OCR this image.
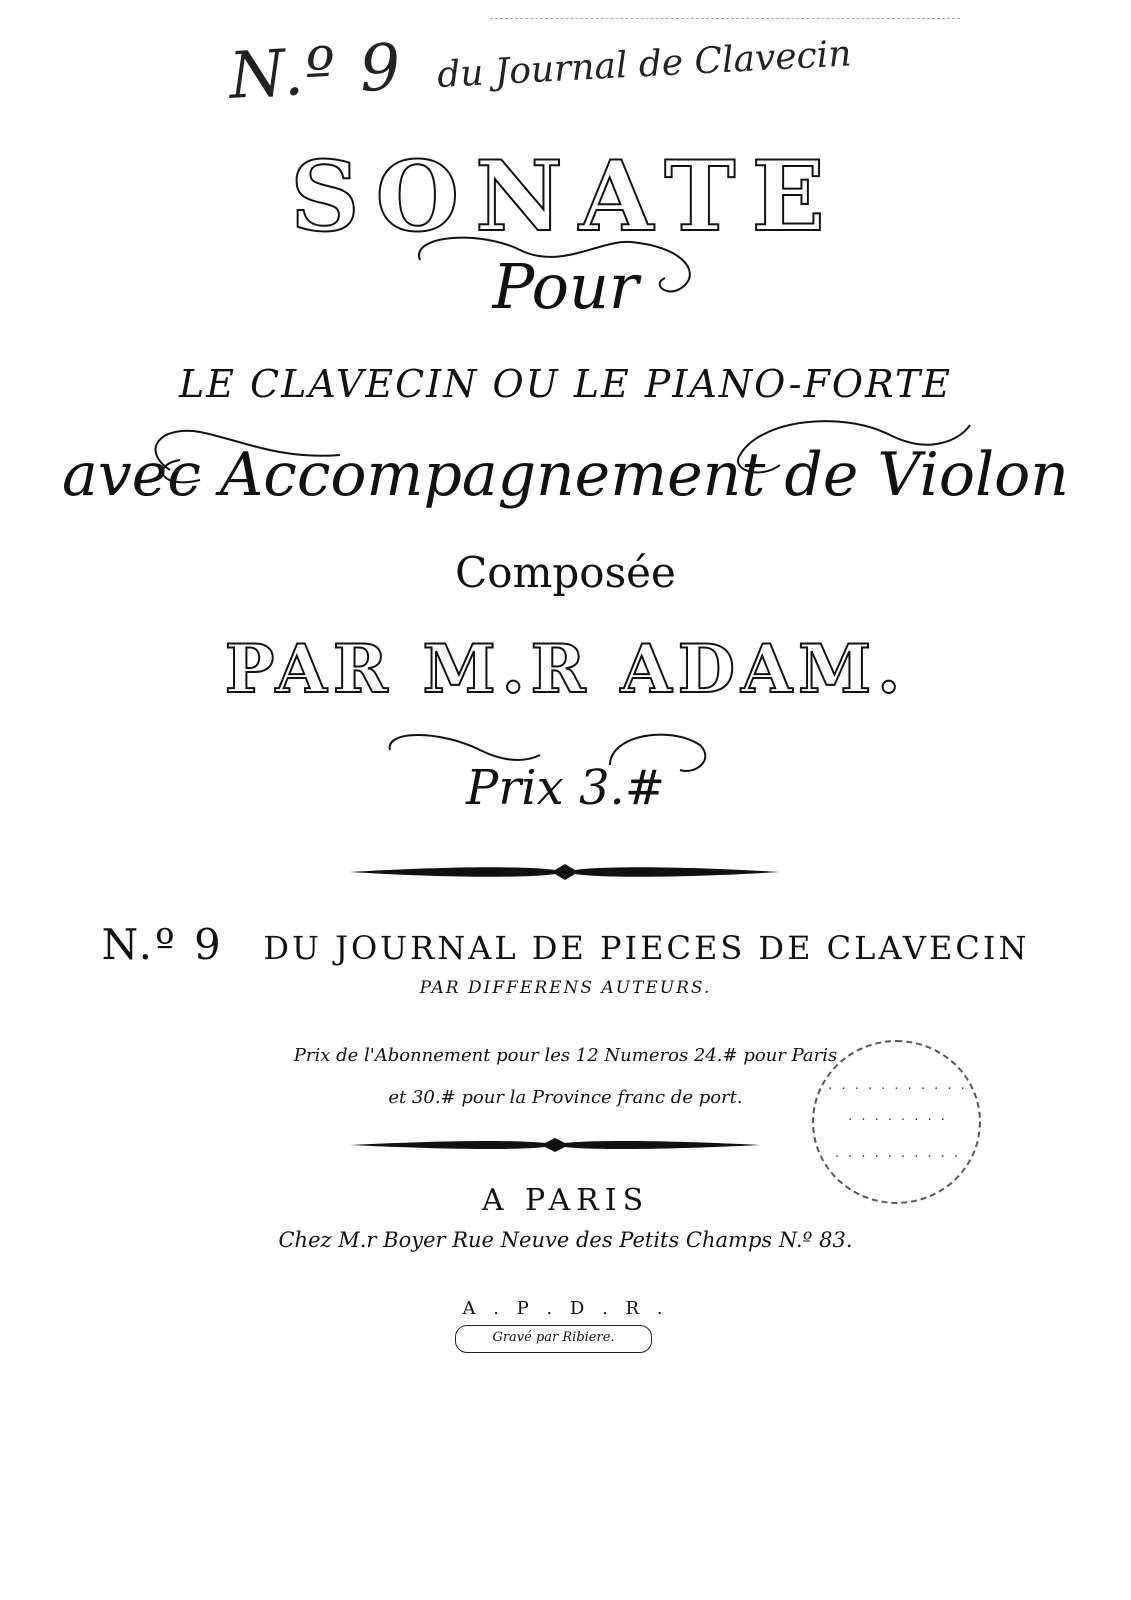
N.º 9 du Journal de Clavecin
SONATE
Pour
LE CLAVECIN OU LE PIANO-FORTE
avec Accompagnement de Violon
Composée
PAR M.R ADAM.
Prix 3.#
N.º 9 DU JOURNAL DE PIECES DE CLAVECIN
PAR DIFFERENS AUTEURS.
Prix de l'Abonnement pour les 12 Numeros 24.# pour Paris
et 30.# pour la Province franc de port.	· · · · · · · · · · ·
· · · · · · · ·
· · · · · · · · · ·
A PARIS
Chez M.r Boyer Rue Neuve des Petits Champs N.º 83.
A . P . D . R .
Gravé par Ribiere.
